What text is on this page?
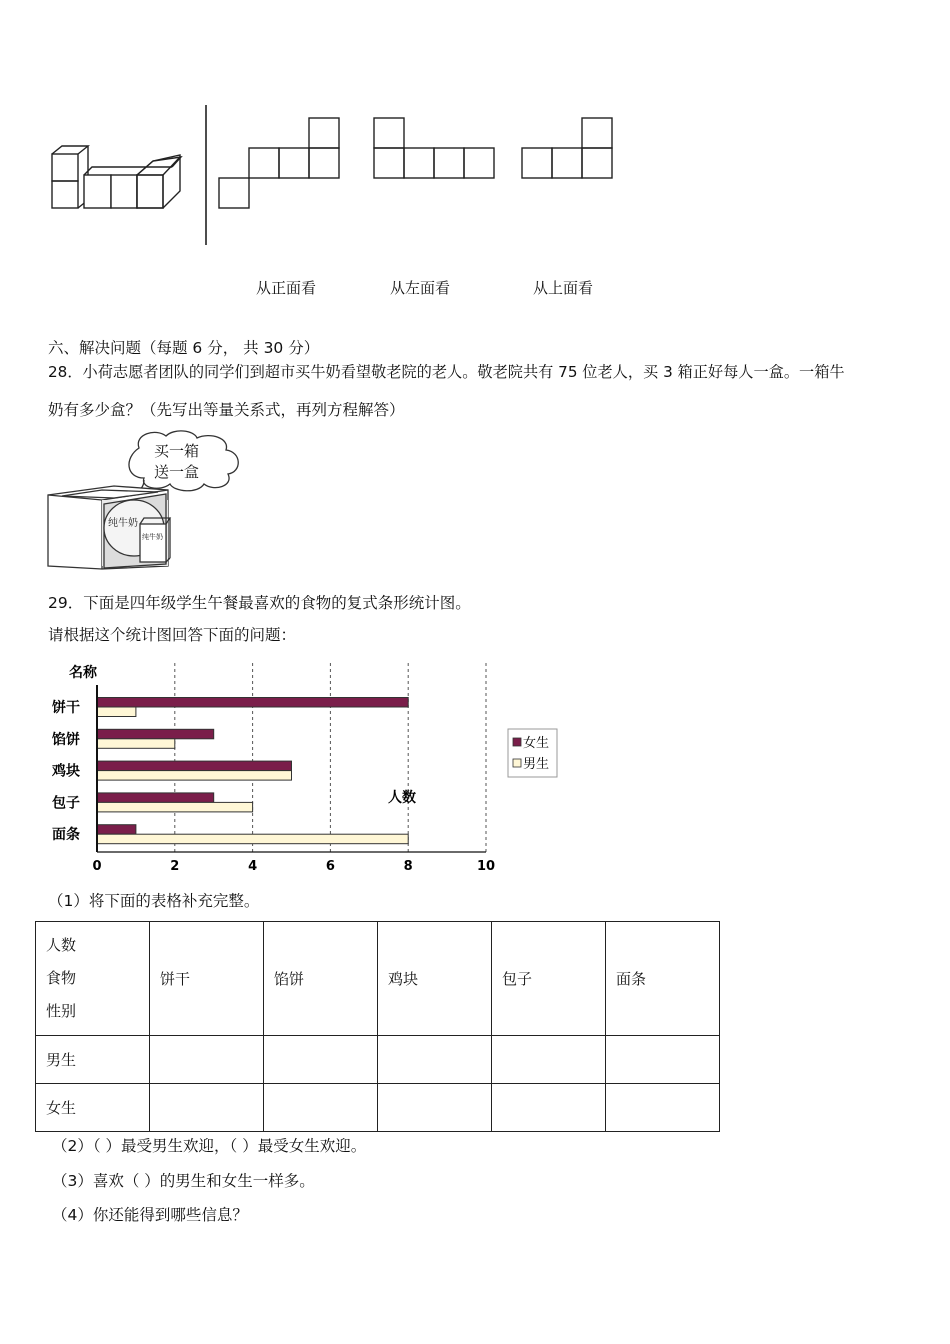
从正面看	从左面看	从上面看
六、解决问题（每题 6 分， 共 30 分）
28．小荷志愿者团队的同学们到超市买牛奶看望敬老院的老人。敬老院共有 75 位老人，买 3 箱正好每人一盒。一箱牛
奶有多少盒？（先写出等量关系式，再列方程解答）
买一箱
送一盒
纯牛奶
纯牛奶
29．下面是四年级学生午餐最喜欢的食物的复式条形统计图。
请根据这个统计图回答下面的问题：
饼干
馅饼
鸡块
包子
面条
0	2	4	6	8	10
名称
人数
女生
男生
（1）将下面的表格补充完整。
人数
食物
性别	饼干	馅饼	鸡块	包子	面条
男生					
女生					
（2）（ ）最受男生欢迎，（ ）最受女生欢迎。
（3）喜欢（ ）的男生和女生一样多。
（4）你还能得到哪些信息？
